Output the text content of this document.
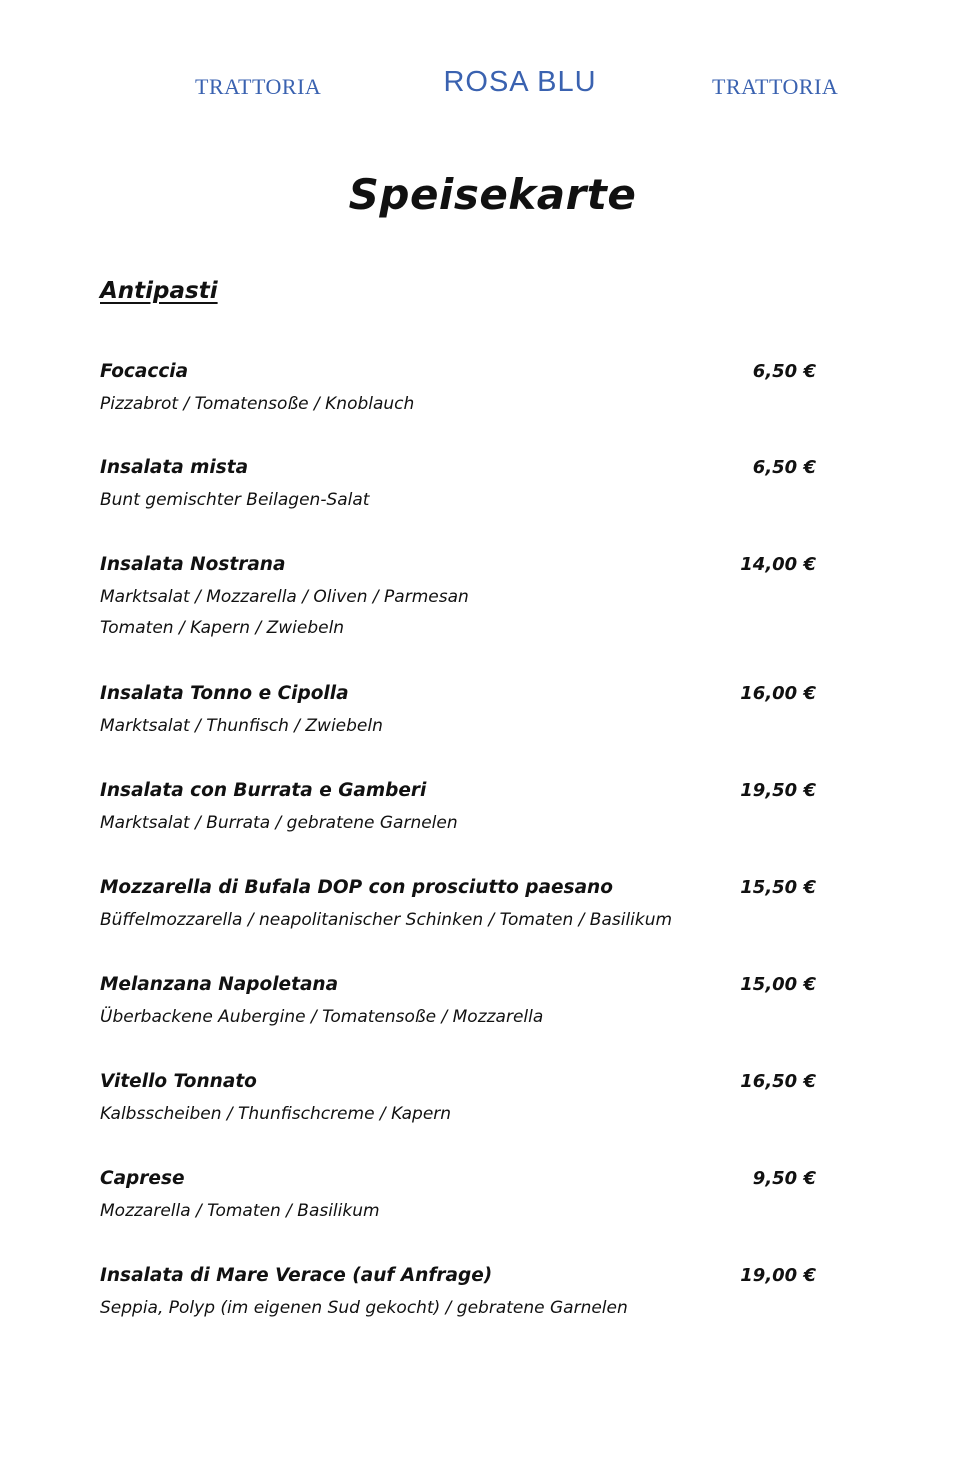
TRATTORIA	ROSA BLU	TRATTORIA
Speisekarte
Antipasti
Focaccia	6,50 €
Pizzabrot / Tomatensoße / Knoblauch
Insalata mista	6,50 €
Bunt gemischter Beilagen-Salat
Insalata Nostrana	14,00 €
Marktsalat / Mozzarella / Oliven / Parmesan
Tomaten / Kapern / Zwiebeln
Insalata Tonno e Cipolla	16,00 €
Marktsalat / Thunfisch / Zwiebeln
Insalata con Burrata e Gamberi	19,50 €
Marktsalat / Burrata / gebratene Garnelen
Mozzarella di Bufala DOP con prosciutto paesano	15,50 €
Büffelmozzarella / neapolitanischer Schinken / Tomaten / Basilikum
Melanzana Napoletana	15,00 €
Überbackene Aubergine / Tomatensoße / Mozzarella
Vitello Tonnato	16,50 €
Kalbsscheiben / Thunfischcreme / Kapern
Caprese	9,50 €
Mozzarella / Tomaten / Basilikum
Insalata di Mare Verace (auf Anfrage)	19,00 €
Seppia, Polyp (im eigenen Sud gekocht) / gebratene Garnelen
